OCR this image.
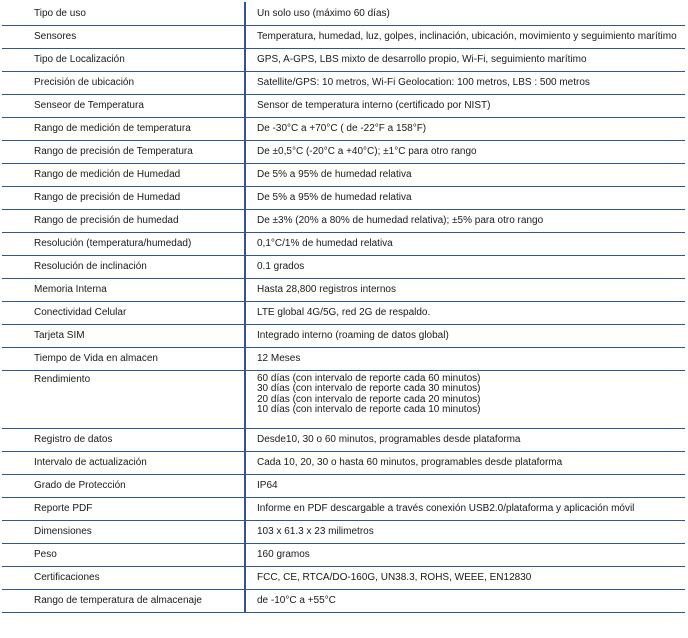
Tipo de uso	Un solo uso (máximo 60 días)
Sensores	Temperatura, humedad, luz, golpes, inclinación, ubicación, movimiento y seguimiento marítimo
Tipo de Localización	GPS, A-GPS, LBS mixto de desarrollo propio, Wi-Fi, seguimiento marítimo
Precisión de ubicación	Satellite/GPS: 10 metros, Wi-Fi Geolocation: 100 metros, LBS : 500 metros
Senseor de Temperatura	Sensor de temperatura interno (certificado por NIST)
Rango de medición de temperatura	De -30°C a +70°C ( de -22°F a 158°F)
Rango de precisión de Temperatura	De ±0,5°C (-20°C a +40°C); ±1°C para otro rango
Rango de medición de Humedad	De 5% a 95% de humedad relativa
Rango de precisión de Humedad	De 5% a 95% de humedad relativa
Rango de precisión de humedad	De ±3% (20% a 80% de humedad relativa); ±5% para otro rango
Resolución (temperatura/humedad)	0,1°C/1% de humedad relativa
Resolución de inclinación	0.1 grados
Memoria Interna	Hasta 28,800 registros internos
Conectividad Celular	LTE global 4G/5G, red 2G de respaldo.
Tarjeta SIM	Integrado interno (roaming de datos global)
Tiempo de Vida en almacen	12 Meses
Rendimiento	60 días (con intervalo de reporte cada 60 minutos)
30 días (con intervalo de reporte cada 30 minutos)
20 días (con intervalo de reporte cada 20 minutos)
10 días (con intervalo de reporte cada 10 minutos)
Registro de datos	Desde10, 30 o 60 minutos, programables desde plataforma
Intervalo de actualización	Cada 10, 20, 30 o hasta 60 minutos, programables desde plataforma
Grado de Protección	IP64
Reporte PDF	Informe en PDF descargable a través conexión USB2.0/plataforma y aplicación móvil
Dimensiones	103 x 61.3 x 23 milimetros
Peso	160 gramos
Certificaciones	FCC, CE, RTCA/DO-160G, UN38.3, ROHS, WEEE, EN12830
Rango de temperatura de almacenaje	de -10°C a +55°C
